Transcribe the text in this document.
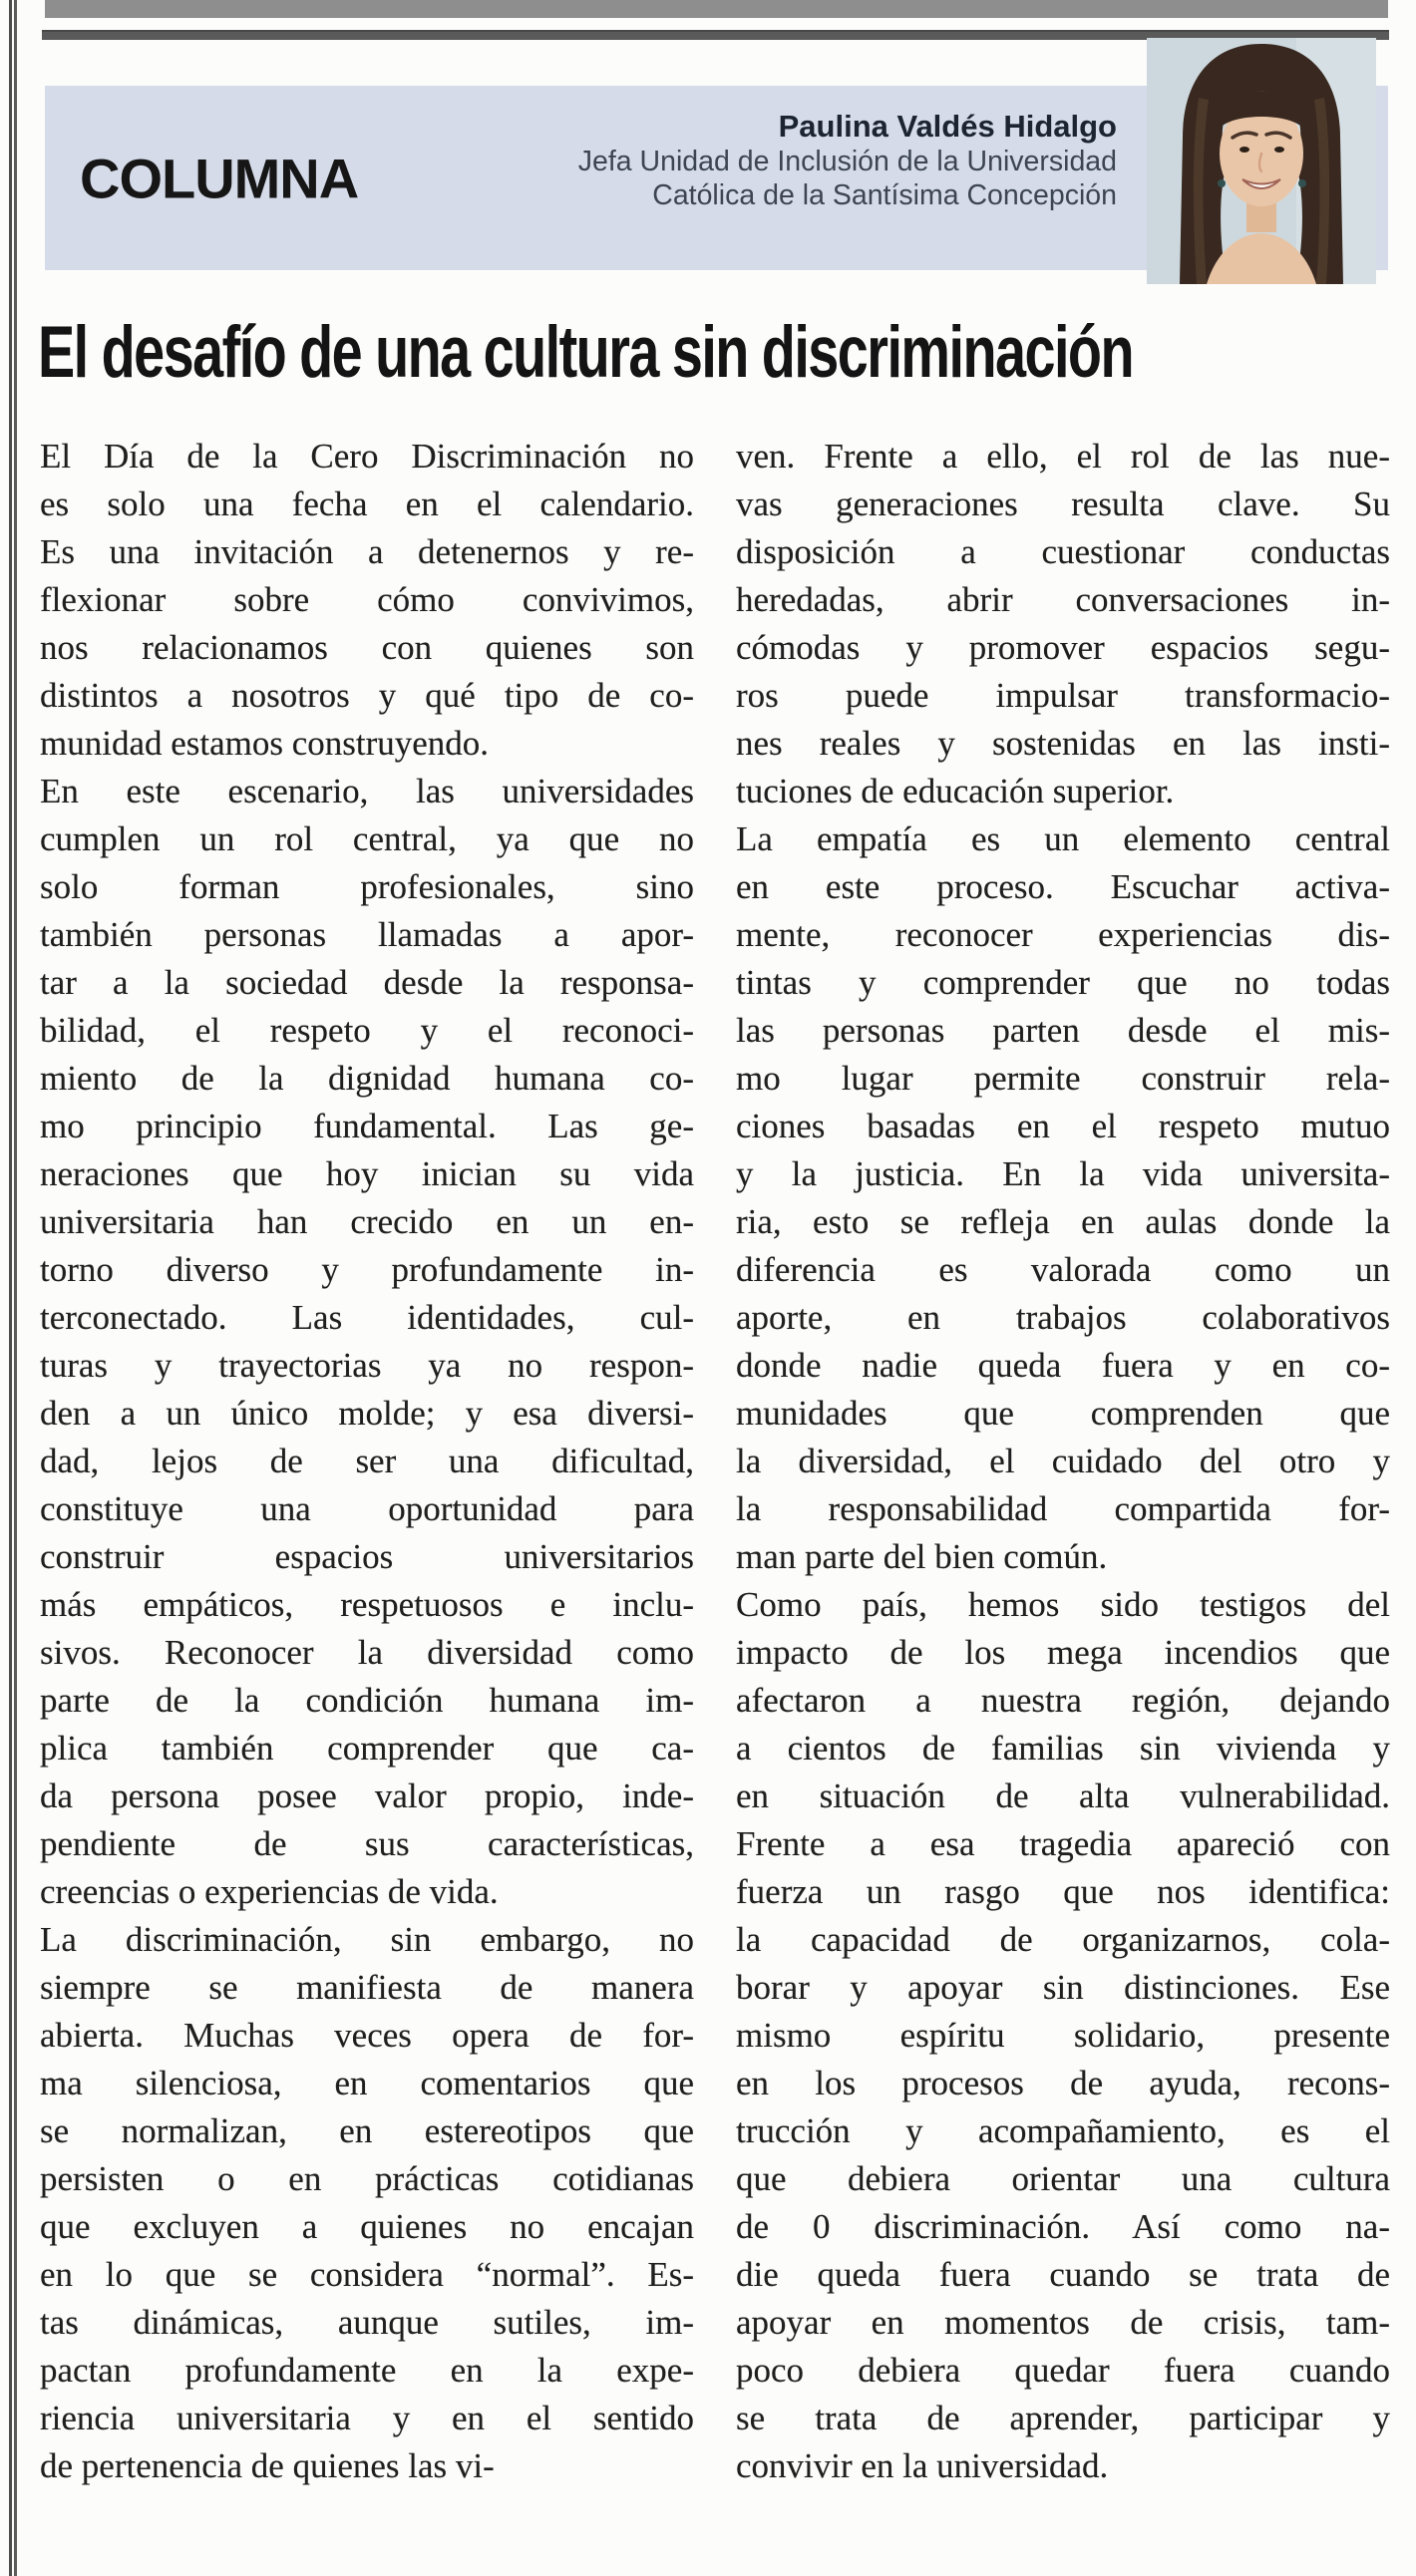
COLUMNA
Paulina Valdés Hidalgo
Jefa Unidad de Inclusión de la Universidad
Católica de la Santísima Concepción
El desafío de una cultura sin discriminación
El Día de la Cero Discriminación no
es solo una fecha en el calendario.
Es una invitación a detenernos y re-
flexionar sobre cómo convivimos,
nos relacionamos con quienes son
distintos a nosotros y qué tipo de co-
munidad estamos construyendo.
En este escenario, las universidades
cumplen un rol central, ya que no
solo forman profesionales, sino
también personas llamadas a apor-
tar a la sociedad desde la responsa-
bilidad, el respeto y el reconoci-
miento de la dignidad humana co-
mo principio fundamental. Las ge-
neraciones que hoy inician su vida
universitaria han crecido en un en-
torno diverso y profundamente in-
terconectado. Las identidades, cul-
turas y trayectorias ya no respon-
den a un único molde; y esa diversi-
dad, lejos de ser una dificultad,
constituye una oportunidad para
construir espacios universitarios
más empáticos, respetuosos e inclu-
sivos. Reconocer la diversidad como
parte de la condición humana im-
plica también comprender que ca-
da persona posee valor propio, inde-
pendiente de sus características,
creencias o experiencias de vida.
La discriminación, sin embargo, no
siempre se manifiesta de manera
abierta. Muchas veces opera de for-
ma silenciosa, en comentarios que
se normalizan, en estereotipos que
persisten o en prácticas cotidianas
que excluyen a quienes no encajan
en lo que se considera “normal”. Es-
tas dinámicas, aunque sutiles, im-
pactan profundamente en la expe-
riencia universitaria y en el sentido
de pertenencia de quienes las vi-
ven. Frente a ello, el rol de las nue-
vas generaciones resulta clave. Su
disposición a cuestionar conductas
heredadas, abrir conversaciones in-
cómodas y promover espacios segu-
ros puede impulsar transformacio-
nes reales y sostenidas en las insti-
tuciones de educación superior.
La empatía es un elemento central
en este proceso. Escuchar activa-
mente, reconocer experiencias dis-
tintas y comprender que no todas
las personas parten desde el mis-
mo lugar permite construir rela-
ciones basadas en el respeto mutuo
y la justicia. En la vida universita-
ria, esto se refleja en aulas donde la
diferencia es valorada como un
aporte, en trabajos colaborativos
donde nadie queda fuera y en co-
munidades que comprenden que
la diversidad, el cuidado del otro y
la responsabilidad compartida for-
man parte del bien común.
Como país, hemos sido testigos del
impacto de los mega incendios que
afectaron a nuestra región, dejando
a cientos de familias sin vivienda y
en situación de alta vulnerabilidad.
Frente a esa tragedia apareció con
fuerza un rasgo que nos identifica:
la capacidad de organizarnos, cola-
borar y apoyar sin distinciones. Ese
mismo espíritu solidario, presente
en los procesos de ayuda, recons-
trucción y acompañamiento, es el
que debiera orientar una cultura
de 0 discriminación. Así como na-
die queda fuera cuando se trata de
apoyar en momentos de crisis, tam-
poco debiera quedar fuera cuando
se trata de aprender, participar y
convivir en la universidad.
